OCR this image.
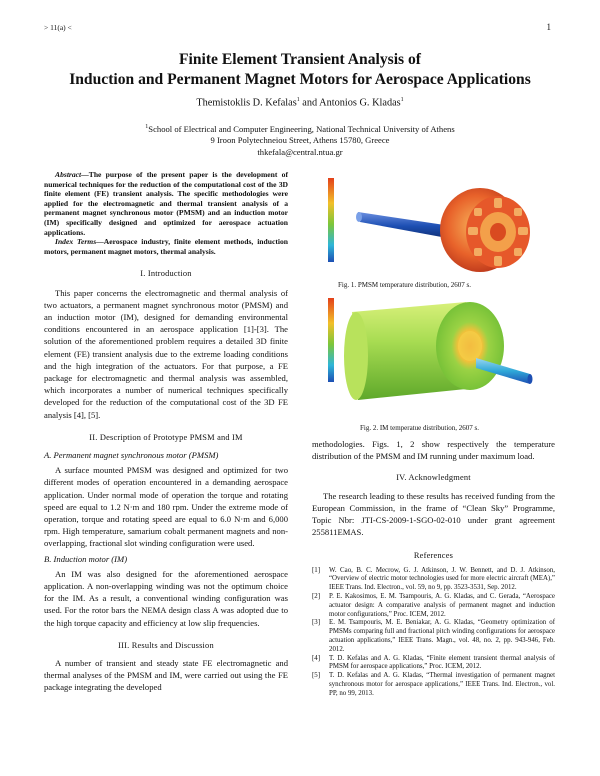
> 11(a) <	1
Finite Element Transient Analysis of
Induction and Permanent Magnet Motors for Aerospace Applications
Themistoklis D. Kefalas$^1$ and Antonios G. Kladas$^1$
$^1$School of Electrical and Computer Engineering, National Technical University of Athens
9 Iroon Polytechneiou Street, Athens 15780, Greece
thkefala@central.ntua.gr

Abstract—The purpose of the present paper is the development of numerical techniques for the reduction of the computational cost of the 3D finite element (FE) transient analysis. The specific methodologies were applied for the electromagnetic and thermal transient analysis of a permanent magnet synchronous motor (PMSM) and an induction motor (IM) specifically designed and optimized for aerospace actuation applications.

Index Terms—Aerospace industry, finite element methods, induction motors, permanent magnet motors, thermal analysis.

I. Introduction

This paper concerns the electromagnetic and thermal analysis of two actuators, a permanent magnet synchronous motor (PMSM) and an induction motor (IM), designed for demanding environmental conditions encountered in an aerospace application [1]-[3]. The solution of the aforementioned problem requires a detailed 3D finite element (FE) transient analysis due to the extreme loading conditions and the high integration of the actuators. For that purpose, a FE package for electromagnetic and thermal analysis was assembled, which incorporates a number of numerical techniques specifically developed for the reduction of the computational cost of the 3D FE analysis [4], [5].

II. Description of Prototype PMSM and IM

A. Permanent magnet synchronous motor (PMSM)

A surface mounted PMSM was designed and optimized for two different modes of operation encountered in a demanding aerospace application. Under normal mode of operation the torque and rotating speed are equal to 1.2 N·m and 180 rpm. Under the extreme mode of operation, torque and rotating speed are equal to 6.0 N·m and 6,000 rpm. High temperature, samarium cobalt permanent magnets and non-overlapping, fractional slot winding configuration were used.

B. Induction motor (IM)

An IM was also designed for the aforementioned aerospace application. A non-overlapping winding was not the optimum choice for the IM. As a result, a conventional winding configuration was used. For the rotor bars the NEMA design class A was adopted due to the high torque capacity and efficiency at low slip frequencies.

III. Results and Discussion

A number of transient and steady state FE electromagnetic and thermal analyses of the PMSM and IM, were carried out using the FE package integrating the developed

Fig. 1. PMSM temperature distribution, 2607 s.
Fig. 2. IM temperatue distribution, 2607 s.

methodologies. Figs. 1, 2 show respectively the temperature distribution of the PMSM and IM running under maximum load.

IV. Acknowledgment

The research leading to these results has received funding from the European Commission, in the frame of “Clean Sky” Programme, Topic Nbr: JTI-CS-2009-1-SGO-02-010 under grant agreement 255811EMAS.

References

[1]	W. Cao, B. C. Mecrow, G. J. Atkinson, J. W. Bennett, and D. J. Atkinson, “Overview of electric motor technologies used for more electric aircraft (MEA),” IEEE Trans. Ind. Electron., vol. 59, no 9, pp. 3523-3531, Sep. 2012.
[2]	P. E. Kakosimos, E. M. Tsampouris, A. G. Kladas, and C. Gerada, “Aerospace actuator design: A comparative analysis of permanent magnet and induction motor configurations,” Proc. ICEM, 2012.
[3]	E. M. Tsampouris, M. E. Beniakar, A. G. Kladas, “Geometry optimization of PMSMs comparing full and fractional pitch winding configurations for aerospace actuation applications,” IEEE Trans. Magn., vol. 48, no. 2, pp. 943-946, Feb. 2012.
[4]	T. D. Kefalas and A. G. Kladas, “Finite element transient thermal analysis of PMSM for aerospace applications,” Proc. ICEM, 2012.
[5]	T. D. Kefalas and A. G. Kladas, “Thermal investigation of permanent magnet synchronous motor for aerospace applications,” IEEE Trans. Ind. Electron., vol. PP, no 99, 2013.
